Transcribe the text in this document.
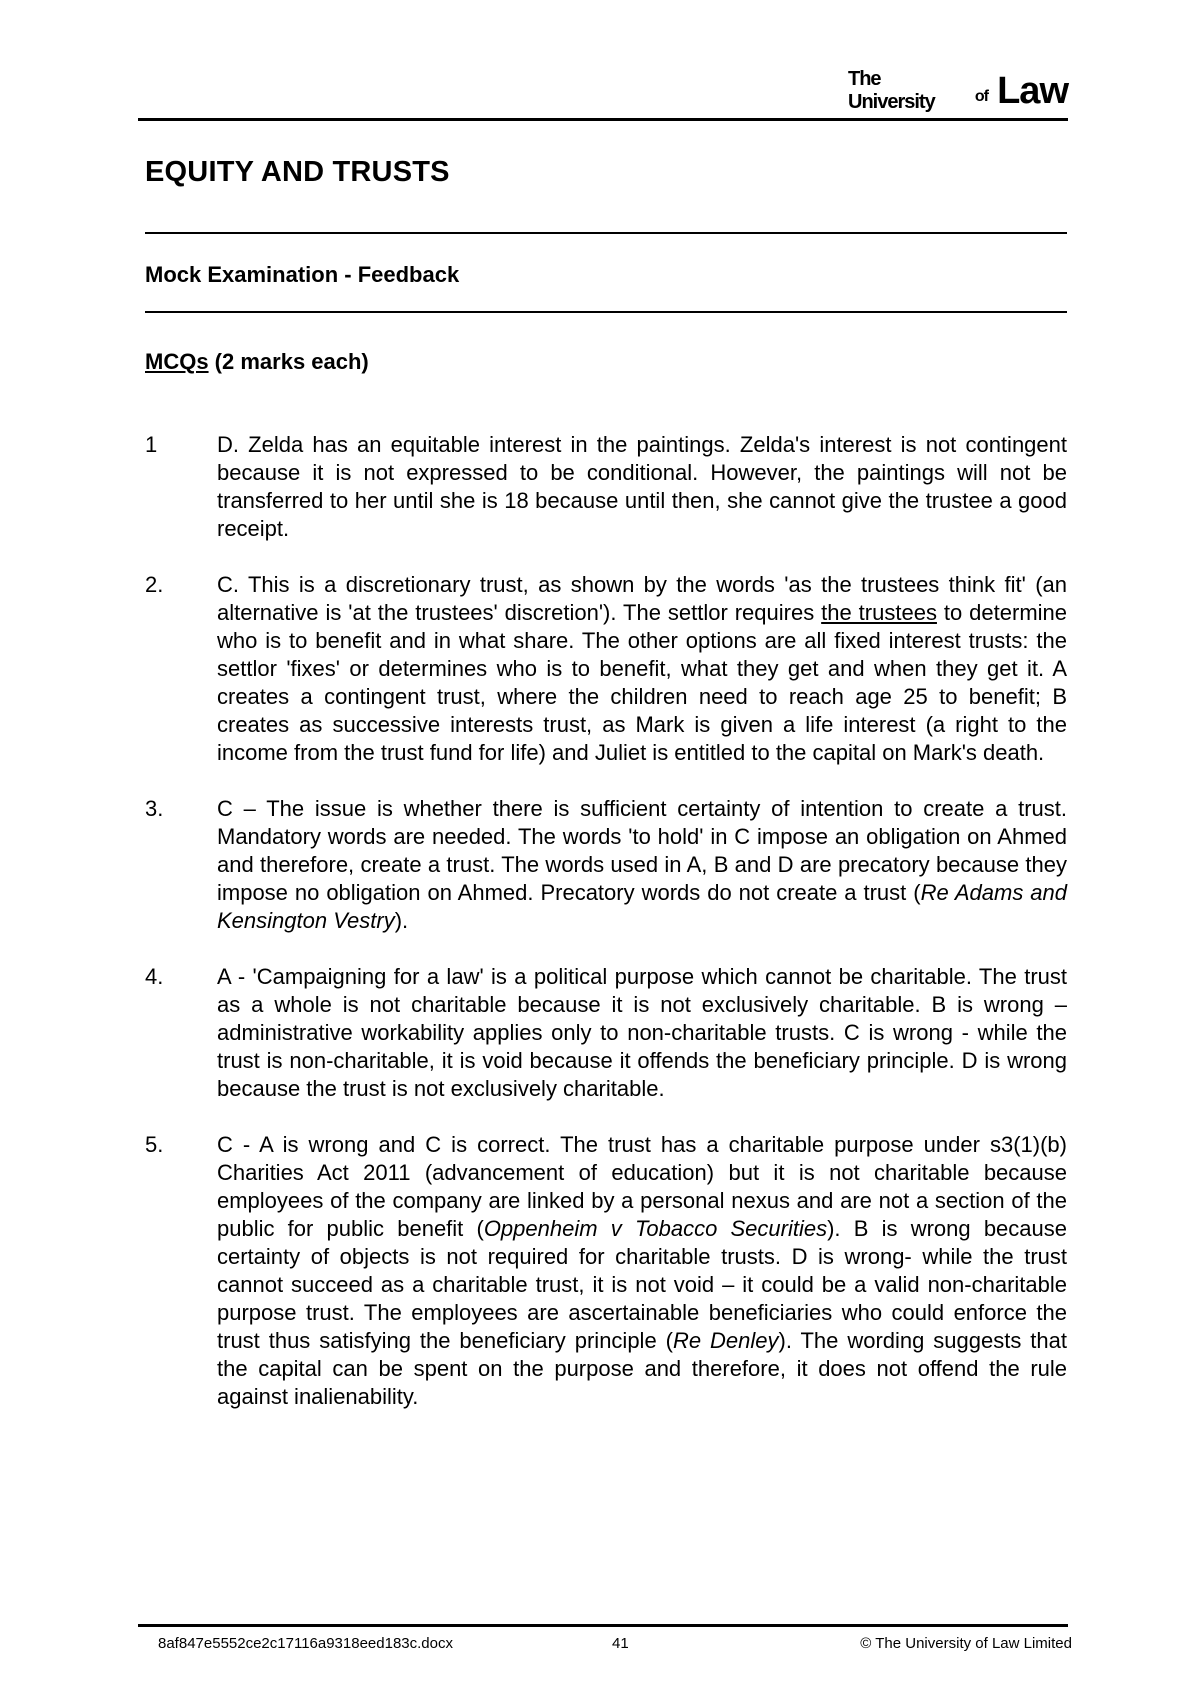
The University	of Law
EQUITY AND TRUSTS
Mock Examination - Feedback
MCQs (2 marks each)
1	D. Zelda has an equitable interest in the paintings. Zelda's interest is not contingent because it is not expressed to be conditional. However, the paintings will not be transferred to her until she is 18 because until then, she cannot give the trustee a good receipt.
2.	C. This is a discretionary trust, as shown by the words 'as the trustees think fit' (an alternative is 'at the trustees' discretion'). The settlor requires the trustees to determine who is to benefit and in what share. The other options are all fixed interest trusts: the settlor 'fixes' or determines who is to benefit, what they get and when they get it. A creates a contingent trust, where the children need to reach age 25 to benefit; B creates as successive interests trust, as Mark is given a life interest (a right to the income from the trust fund for life) and Juliet is entitled to the capital on Mark's death.
3.	C – The issue is whether there is sufficient certainty of intention to create a trust. Mandatory words are needed. The words 'to hold' in C impose an obligation on Ahmed and therefore, create a trust. The words used in A, B and D are precatory because they impose no obligation on Ahmed. Precatory words do not create a trust (Re Adams and Kensington Vestry).
4.	A - 'Campaigning for a law' is a political purpose which cannot be charitable. The trust as a whole is not charitable because it is not exclusively charitable. B is wrong – administrative workability applies only to non-charitable trusts. C is wrong - while the trust is non-charitable, it is void because it offends the beneficiary principle. D is wrong because the trust is not exclusively charitable.
5.	C - A is wrong and C is correct. The trust has a charitable purpose under s3(1)(b) Charities Act 2011 (advancement of education) but it is not charitable because employees of the company are linked by a personal nexus and are not a section of the public for public benefit (Oppenheim v Tobacco Securities). B is wrong because certainty of objects is not required for charitable trusts. D is wrong- while the trust cannot succeed as a charitable trust, it is not void – it could be a valid non-charitable purpose trust. The employees are ascertainable beneficiaries who could enforce the trust thus satisfying the beneficiary principle (Re Denley). The wording suggests that the capital can be spent on the purpose and therefore, it does not offend the rule against inalienability.
8af847e5552ce2c17116a9318eed183c.docx	41	© The University of Law Limited
